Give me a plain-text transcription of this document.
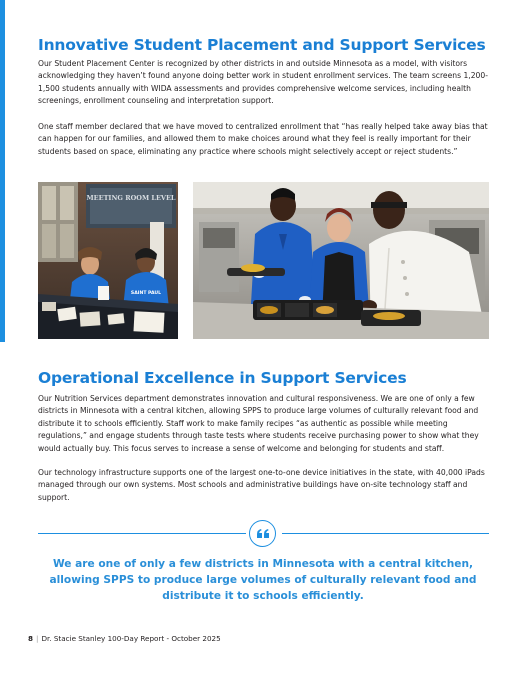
Innovative Student Placement and Support Services

Our Student Placement Center is recognized by other districts in and outside Minnesota as a model, with visitors acknowledging they haven’t found anyone doing better work in student enrollment services. The team screens 1,200-1,500 students annually with WIDA assessments and provides comprehensive welcome services, including health screenings, enrollment counseling and interpretation support.

One staff member declared that we have moved to centralized enrollment that “has really helped take away bias that can happen for our families, and allowed them to make choices around what they feel is really important for their students based on space, eliminating any practice where schools might selectively accept or reject students.”

MEETING ROOM LEVEL
SAINT PAUL
Operational Excellence in Support Services

Our Nutrition Services department demonstrates innovation and cultural responsiveness. We are one of only a few districts in Minnesota with a central kitchen, allowing SPPS to produce large volumes of culturally relevant food and distribute it to schools efficiently. Staff work to make family recipes “as authentic as possible while meeting regulations,” and engage students through taste tests where students receive purchasing power to show what they would actually buy. This focus serves to increase a sense of welcome and belonging for students and staff.

Our technology infrastructure supports one of the largest one-to-one device initiatives in the state, with 40,000 iPads managed through our own systems. Most schools and administrative buildings have on-site technology staff and support.

We are one of only a few districts in Minnesota with a central kitchen, allowing SPPS to produce large volumes of culturally relevant food and distribute it to schools efficiently.

8 | Dr. Stacie Stanley 100-Day Report - October 2025
